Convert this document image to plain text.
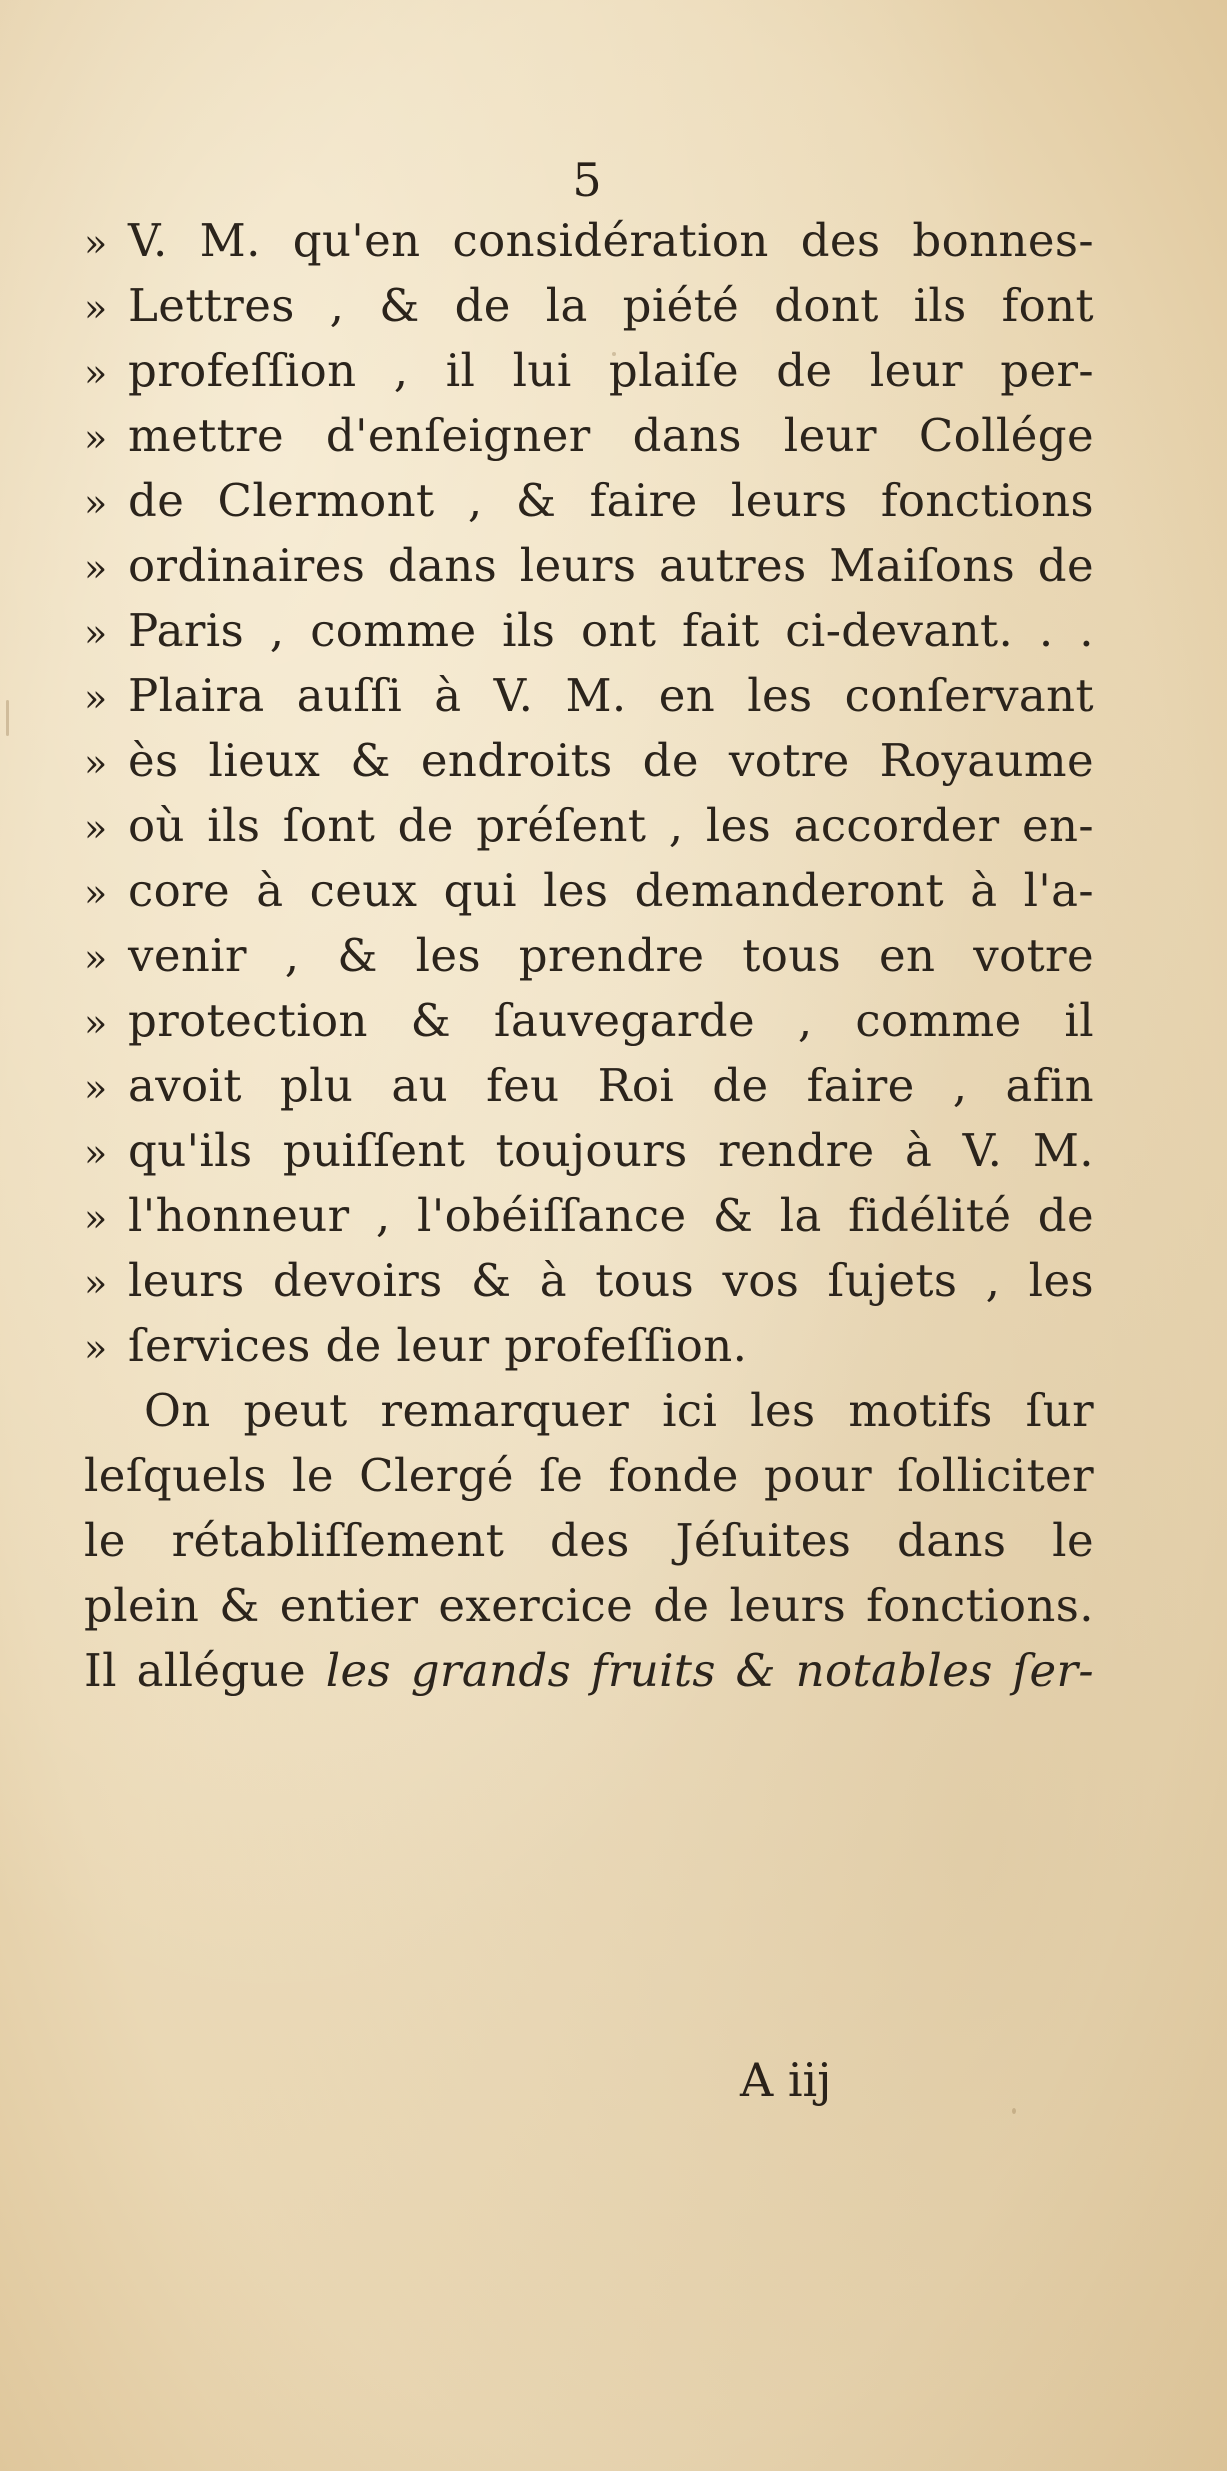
5
» V. M. qu'en considération des bonnes-
» Lettres , & de la piété dont ils font
» profeſſion , il lui plaiſe de leur per-
» mettre d'enſeigner dans leur Collége
» de Clermont , & faire leurs fonctions
» ordinaires dans leurs autres Maiſons de
» Paris , comme ils ont fait ci-devant. . .
» Plaira auſſi à V. M. en les conſervant
» ès lieux & endroits de votre Royaume
» où ils ſont de préſent , les accorder en-
» core à ceux qui les demanderont à l'a-
» venir , & les prendre tous en votre
» protection & ſauvegarde , comme il
» avoit plu au feu Roi de faire , afin
» qu'ils puiſſent toujours rendre à V. M.
» l'honneur , l'obéiſſance & la fidélité de
» leurs devoirs & à tous vos ſujets , les
» ſervices de leur profeſſion.
On peut remarquer ici les motifs ſur
leſquels le Clergé ſe fonde pour ſolliciter
le rétabliſſement des Jéſuites dans le
plein & entier exercice de leurs fonctions.
Il allégue les grands fruits & notables ſer-
A iij
